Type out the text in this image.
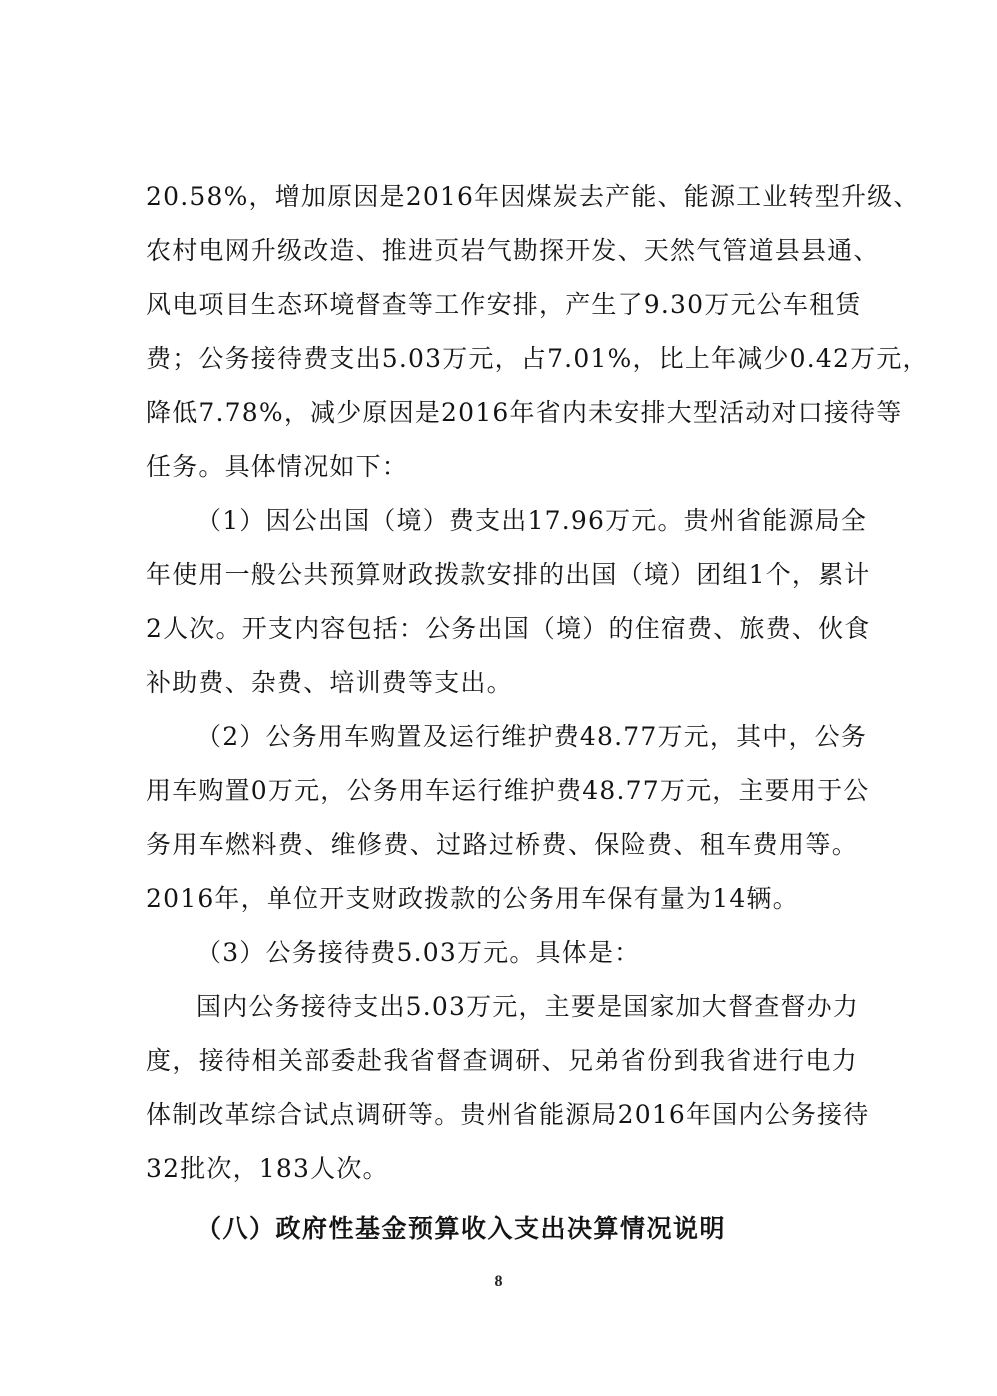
20.58%，增加原因是2016年因煤炭去产能、能源工业转型升级、
农村电网升级改造、推进页岩气勘探开发、天然气管道县县通、
风电项目生态环境督查等工作安排，产生了9.30万元公车租赁
费；公务接待费支出5.03万元，占7.01%，比上年减少0.42万元，
降低7.78%，减少原因是2016年省内未安排大型活动对口接待等
任务。具体情况如下：
（1）因公出国（境）费支出17.96万元。贵州省能源局全
年使用一般公共预算财政拨款安排的出国（境）团组1个，累计
2人次。开支内容包括：公务出国（境）的住宿费、旅费、伙食
补助费、杂费、培训费等支出。
（2）公务用车购置及运行维护费48.77万元，其中，公务
用车购置0万元，公务用车运行维护费48.77万元，主要用于公
务用车燃料费、维修费、过路过桥费、保险费、租车费用等。
2016年，单位开支财政拨款的公务用车保有量为14辆。
（3）公务接待费5.03万元。具体是：
国内公务接待支出5.03万元，主要是国家加大督查督办力
度，接待相关部委赴我省督查调研、兄弟省份到我省进行电力
体制改革综合试点调研等。贵州省能源局2016年国内公务接待
32批次，183人次。
（八）政府性基金预算收入支出决算情况说明
8
